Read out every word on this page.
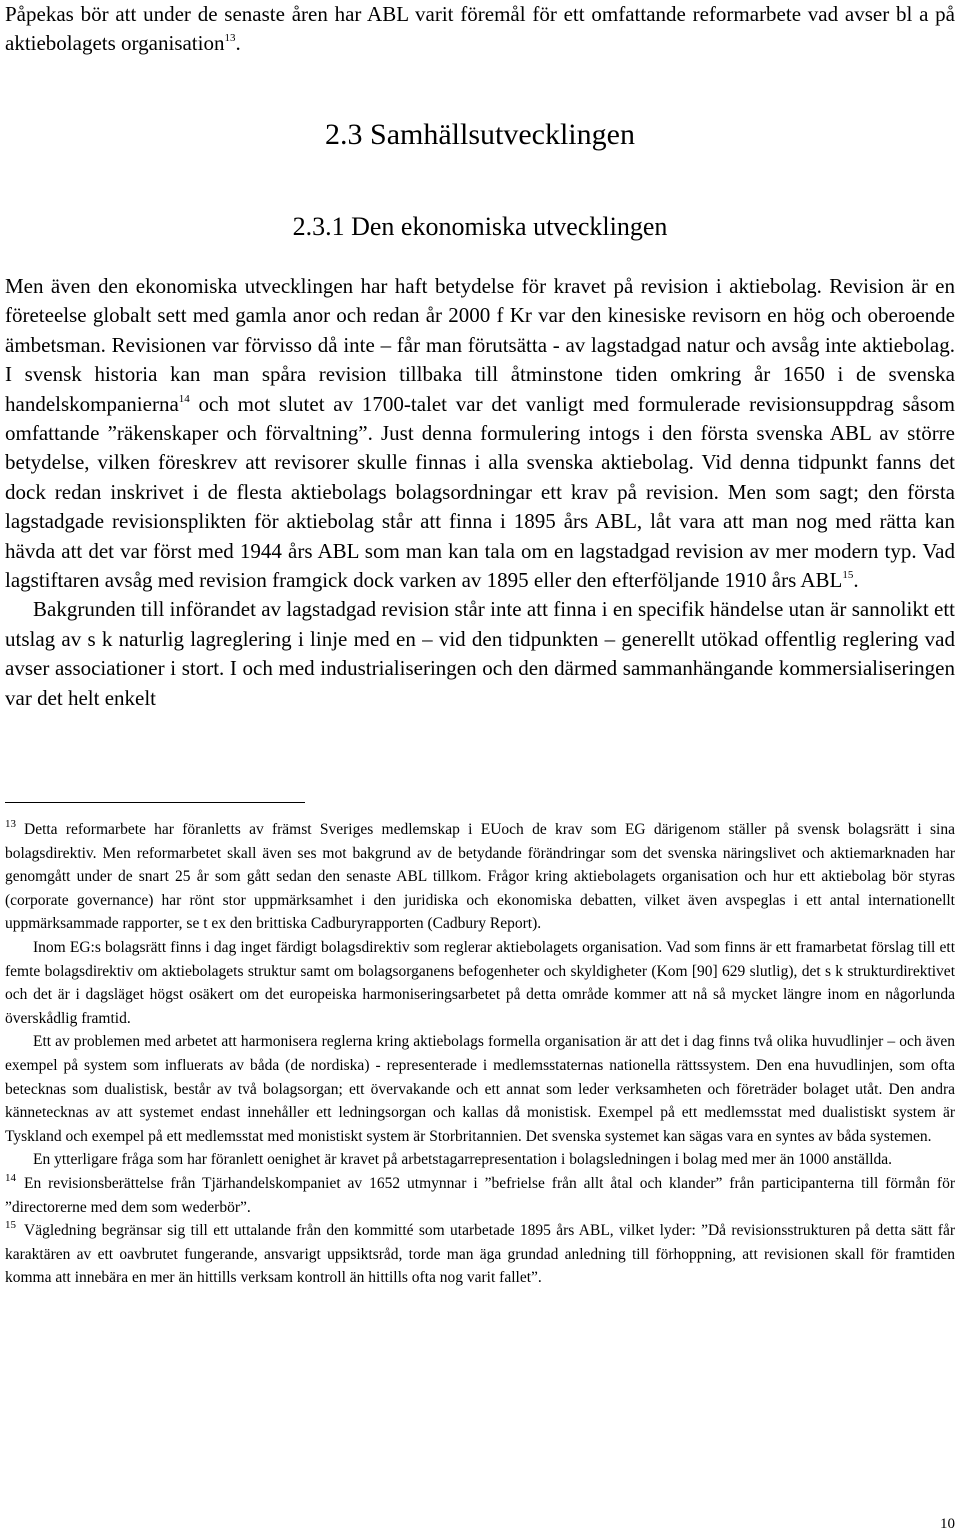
Påpekas bör att under de senaste åren har ABL varit föremål för ett omfattande reformarbete vad avser bl a på aktiebolagets organisation$^{13}$.

2.3 Samhällsutvecklingen
2.3.1 Den ekonomiska utvecklingen

Men även den ekonomiska utvecklingen har haft betydelse för kravet på revision i aktiebolag. Revision är en företeelse globalt sett med gamla anor och redan år 2000 f Kr var den kinesiske revisorn en hög och oberoende ämbetsman. Revisionen var förvisso då inte – får man förutsätta - av lagstadgad natur och avsåg inte aktiebolag. I svensk historia kan man spåra revision tillbaka till åtminstone tiden omkring år 1650 i de svenska handelskompanierna$^{14}$ och mot slutet av 1700-talet var det vanligt med formulerade revisionsuppdrag såsom omfattande ”räkenskaper och förvaltning”. Just denna formulering intogs i den första svenska ABL av större betydelse, vilken föreskrev att revisorer skulle finnas i alla svenska aktiebolag. Vid denna tidpunkt fanns det dock redan inskrivet i de flesta aktiebolags bolagsordningar ett krav på revision. Men som sagt; den första lagstadgade revisionsplikten för aktiebolag står att finna i 1895 års ABL, låt vara att man nog med rätta kan hävda att det var först med 1944 års ABL som man kan tala om en lagstadgad revision av mer modern typ. Vad lagstiftaren avsåg med revision framgick dock varken av 1895 eller den efterföljande 1910 års ABL$^{15}$.

Bakgrunden till införandet av lagstadgad revision står inte att finna i en specifik händelse utan är sannolikt ett utslag av s k naturlig lagreglering i linje med en – vid den tidpunkten – generellt utökad offentlig reglering vad avser associationer i stort. I och med industrialiseringen och den därmed sammanhängande kommersialiseringen var det helt enkelt

$^{13}$ Detta reformarbete har föranletts av främst Sveriges medlemskap i EUoch de krav som EG därigenom ställer på svensk bolagsrätt i sina bolagsdirektiv. Men reformarbetet skall även ses mot bakgrund av de betydande förändringar som det svenska näringslivet och aktiemarknaden har genomgått under de snart 25 år som gått sedan den senaste ABL tillkom. Frågor kring aktiebolagets organisation och hur ett aktiebolag bör styras (corporate governance) har rönt stor uppmärksamhet i den juridiska och ekonomiska debatten, vilket även avspeglas i ett antal internationellt uppmärksammade rapporter, se t ex den brittiska Cadburyrapporten (Cadbury Report).

Inom EG:s bolagsrätt finns i dag inget färdigt bolagsdirektiv som reglerar aktiebolagets organisation. Vad som finns är ett framarbetat förslag till ett femte bolagsdirektiv om aktiebolagets struktur samt om bolagsorganens befogenheter och skyldigheter (Kom [90] 629 slutlig), det s k strukturdirektivet och det är i dagsläget högst osäkert om det europeiska harmoniseringsarbetet på detta område kommer att nå så mycket längre inom en någorlunda överskådlig framtid.

Ett av problemen med arbetet att harmonisera reglerna kring aktiebolags formella organisation är att det i dag finns två olika huvudlinjer – och även exempel på system som influerats av båda (de nordiska) - representerade i medlemsstaternas nationella rättssystem. Den ena huvudlinjen, som ofta betecknas som dualistisk, består av två bolagsorgan; ett övervakande och ett annat som leder verksamheten och företräder bolaget utåt. Den andra kännetecknas av att systemet endast innehåller ett ledningsorgan och kallas då monistisk. Exempel på ett medlemsstat med dualistiskt system är Tyskland och exempel på ett medlemsstat med monistiskt system är Storbritannien. Det svenska systemet kan sägas vara en syntes av båda systemen.

En ytterligare fråga som har föranlett oenighet är kravet på arbetstagarrepresentation i bolagsledningen i bolag med mer än 1000 anställda.

$^{14}$ En revisionsberättelse från Tjärhandelskompaniet av 1652 utmynnar i ”befrielse från allt åtal och klander” från participanterna till förmån för ”directorerne med dem som wederbör”.

$^{15}$ Vägledning begränsar sig till ett uttalande från den kommitté som utarbetade 1895 års ABL, vilket lyder: ”Då revisionsstrukturen på detta sätt får karaktären av ett oavbrutet fungerande, ansvarigt uppsiktsråd, torde man äga grundad anledning till förhoppning, att revisionen skall för framtiden komma att innebära en mer än hittills verksam kontroll än hittills ofta nog varit fallet”.

10
